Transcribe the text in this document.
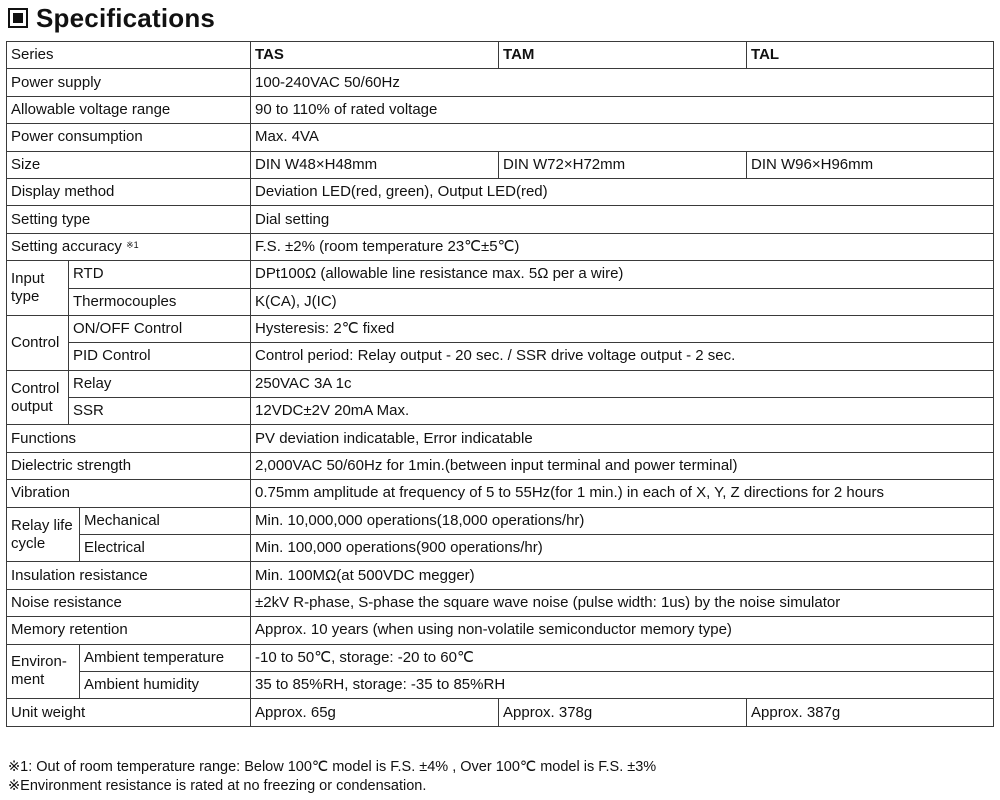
Specifications
Series			TAS	TAM	TAL
Power supply			100-240VAC 50/60Hz		
Allowable voltage range			90 to 110% of rated voltage		
Power consumption			Max. 4VA		
Size			DIN W48×H48mm	DIN W72×H72mm	DIN W96×H96mm
Display method			Deviation LED(red, green), Output LED(red)		
Setting type			Dial setting		
Setting accuracy $^{※1}$			F.S. ±2% (room temperature 23℃±5℃)		
Input type	RTD		DPt100Ω (allowable line resistance max. 5Ω per a wire)		
	Thermocouples		K(CA), J(IC)		
Control	ON/OFF Control		Hysteresis: 2℃ fixed		
	PID Control		Control period: Relay output - 20 sec. / SSR drive voltage output - 2 sec.		
Control output	Relay		250VAC 3A 1c		
	SSR		12VDC±2V 20mA Max.		
Functions			PV deviation indicatable, Error indicatable		
Dielectric strength			2,000VAC 50/60Hz for 1min.(between input terminal and power terminal)		
Vibration			0.75mm amplitude at frequency of 5 to 55Hz(for 1 min.) in each of X, Y, Z directions for 2 hours		
Relay life cycle		Mechanical	Min. 10,000,000 operations(18,000 operations/hr)		
		Electrical	Min. 100,000 operations(900 operations/hr)		
Insulation resistance			Min. 100MΩ(at 500VDC megger)		
Noise resistance			±2kV R-phase, S-phase the square wave noise (pulse width: 1us) by the noise simulator		
Memory retention			Approx. 10 years (when using non-volatile semiconductor memory type)		
Environ-ment		Ambient temperature	-10 to 50℃, storage: -20 to 60℃		
		Ambient humidity	35 to 85%RH, storage: -35 to 85%RH		
Unit weight			Approx. 65g	Approx. 378g	Approx. 387g
※1: Out of room temperature range: Below 100℃ model is F.S. ±4% , Over 100℃ model is F.S. ±3%
※Environment resistance is rated at no freezing or condensation.
